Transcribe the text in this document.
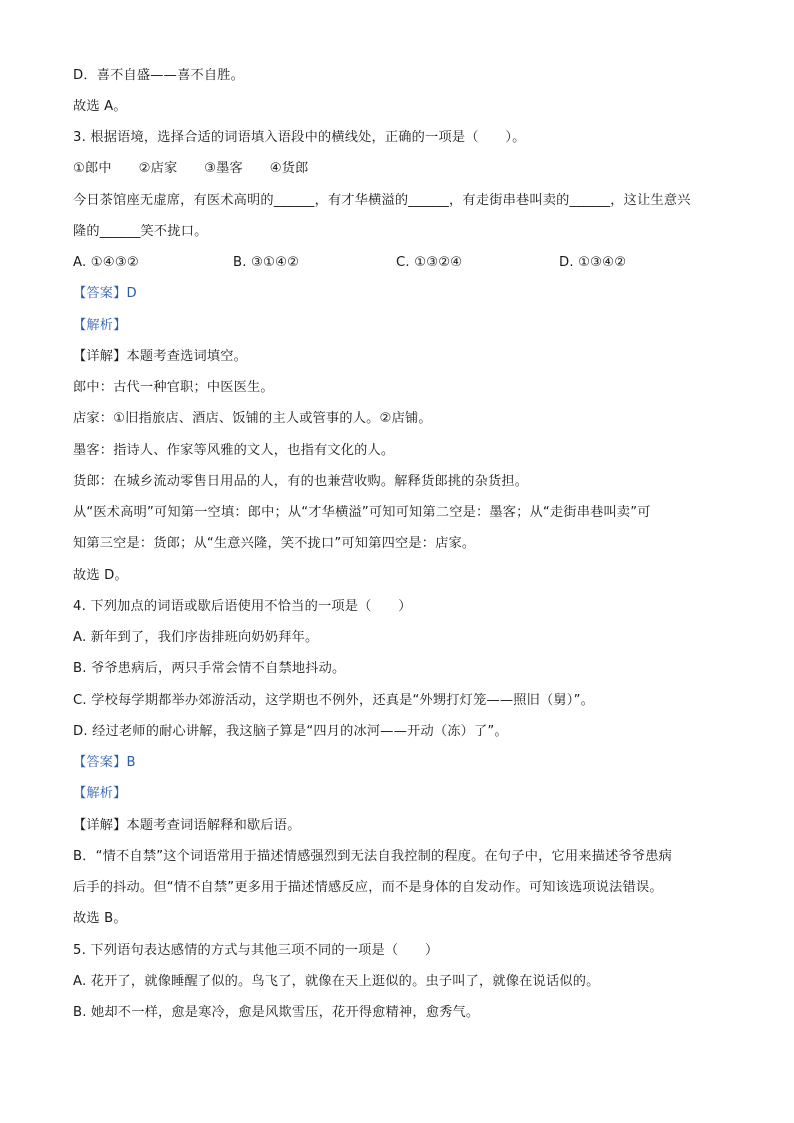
D．喜不自盛——喜不自胜。
故选 A。
3. 根据语境，选择合适的词语填入语段中的横线处，正确的一项是（　　）。
①郎中　　②店家　　③墨客　　④货郎
今日茶馆座无虚席，有医术高明的______，有才华横溢的______，有走街串巷叫卖的______，这让生意兴
隆的______笑不拢口。
A. ①④③②	B. ③①④②	C. ①③②④	D. ①③④②
【答案】D
【解析】
【详解】本题考查选词填空。
郎中：古代一种官职；中医医生。
店家：①旧指旅店、酒店、饭铺的主人或管事的人。②店铺。
墨客：指诗人、作家等风雅的文人，也指有文化的人。
货郎：在城乡流动零售日用品的人，有的也兼营收购。解释货郎挑的杂货担。
从“医术高明”可知第一空填：郎中；从“才华横溢”可知可知第二空是：墨客；从“走街串巷叫卖”可
知第三空是：货郎；从“生意兴隆，笑不拢口”可知第四空是：店家。
故选 D。
4. 下列加点的词语或歇后语使用不恰当的一项是（　　）
A. 新年到了，我们序齿排班向奶奶拜年。
B. 爷爷患病后，两只手常会情不自禁地抖动。
C. 学校每学期都举办郊游活动，这学期也不例外，还真是“外甥打灯笼——照旧（舅）”。
D. 经过老师的耐心讲解，我这脑子算是“四月的冰河——开动（冻）了”。
【答案】B
【解析】
【详解】本题考查词语解释和歇后语。
B．“情不自禁”这个词语常用于描述情感强烈到无法自我控制的程度。在句子中，它用来描述爷爷患病
后手的抖动。但“情不自禁”更多用于描述情感反应，而不是身体的自发动作。可知该选项说法错误。
故选 B。
5. 下列语句表达感情的方式与其他三项不同的一项是（　　）
A. 花开了，就像睡醒了似的。鸟飞了，就像在天上逛似的。虫子叫了，就像在说话似的。
B. 她却不一样，愈是寒冷，愈是风欺雪压，花开得愈精神，愈秀气。
